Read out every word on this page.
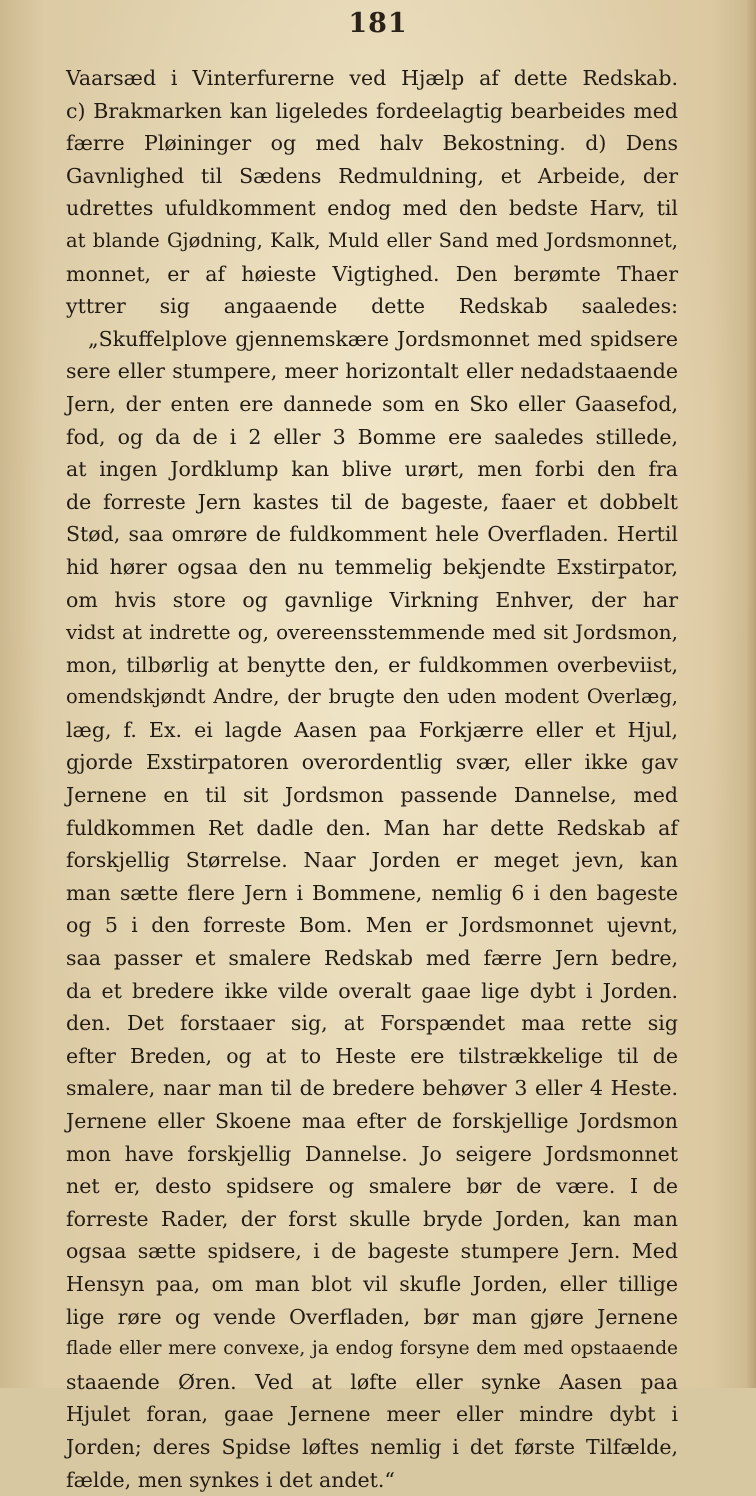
181
Vaarsæd i Vinterfurerne ved Hjælp af dette Redskab.
c) Brakmarken kan ligeledes fordeelagtig bearbeides med
færre Pløininger og med halv Bekostning. d) Dens
Gavnlighed til Sædens Redmuldning, et Arbeide, der
udrettes ufuldkomment endog med den bedste Harv, til
at blande Gjødning, Kalk, Muld eller Sand med Jordsmonnet,
monnet, er af høieste Vigtighed. Den berømte Thaer
yttrer sig angaaende dette Redskab saaledes:
„Skuffelplove gjennemskære Jordsmonnet med spidsere
sere eller stumpere, meer horizontalt eller nedadstaaende
Jern, der enten ere dannede som en Sko eller Gaasefod,
fod, og da de i 2 eller 3 Bomme ere saaledes stillede,
at ingen Jordklump kan blive urørt, men forbi den fra
de forreste Jern kastes til de bageste, faaer et dobbelt
Stød, saa omrøre de fuldkomment hele Overfladen. Hertil
hid hører ogsaa den nu temmelig bekjendte Exstirpator,
om hvis store og gavnlige Virkning Enhver, der har
vidst at indrette og, overeensstemmende med sit Jordsmon,
mon, tilbørlig at benytte den, er fuldkommen overbeviist,
omendskjøndt Andre, der brugte den uden modent Overlæg,
læg, f. Ex. ei lagde Aasen paa Forkjærre eller et Hjul,
gjorde Exstirpatoren overordentlig svær, eller ikke gav
Jernene en til sit Jordsmon passende Dannelse, med
fuldkommen Ret dadle den. Man har dette Redskab af
forskjellig Størrelse. Naar Jorden er meget jevn, kan
man sætte flere Jern i Bommene, nemlig 6 i den bageste
og 5 i den forreste Bom. Men er Jordsmonnet ujevnt,
saa passer et smalere Redskab med færre Jern bedre,
da et bredere ikke vilde overalt gaae lige dybt i Jorden.
den. Det forstaaer sig, at Forspændet maa rette sig
efter Breden, og at to Heste ere tilstrækkelige til de
smalere, naar man til de bredere behøver 3 eller 4 Heste.
Jernene eller Skoene maa efter de forskjellige Jordsmon
mon have forskjellig Dannelse. Jo seigere Jordsmonnet
net er, desto spidsere og smalere bør de være. I de
forreste Rader, der forst skulle bryde Jorden, kan man
ogsaa sætte spidsere, i de bageste stumpere Jern. Med
Hensyn paa, om man blot vil skufle Jorden, eller tillige
lige røre og vende Overfladen, bør man gjøre Jernene
flade eller mere convexe, ja endog forsyne dem med opstaaende
staaende Øren. Ved at løfte eller synke Aasen paa
Hjulet foran, gaae Jernene meer eller mindre dybt i
Jorden; deres Spidse løftes nemlig i det første Tilfælde,
fælde, men synkes i det andet.“
